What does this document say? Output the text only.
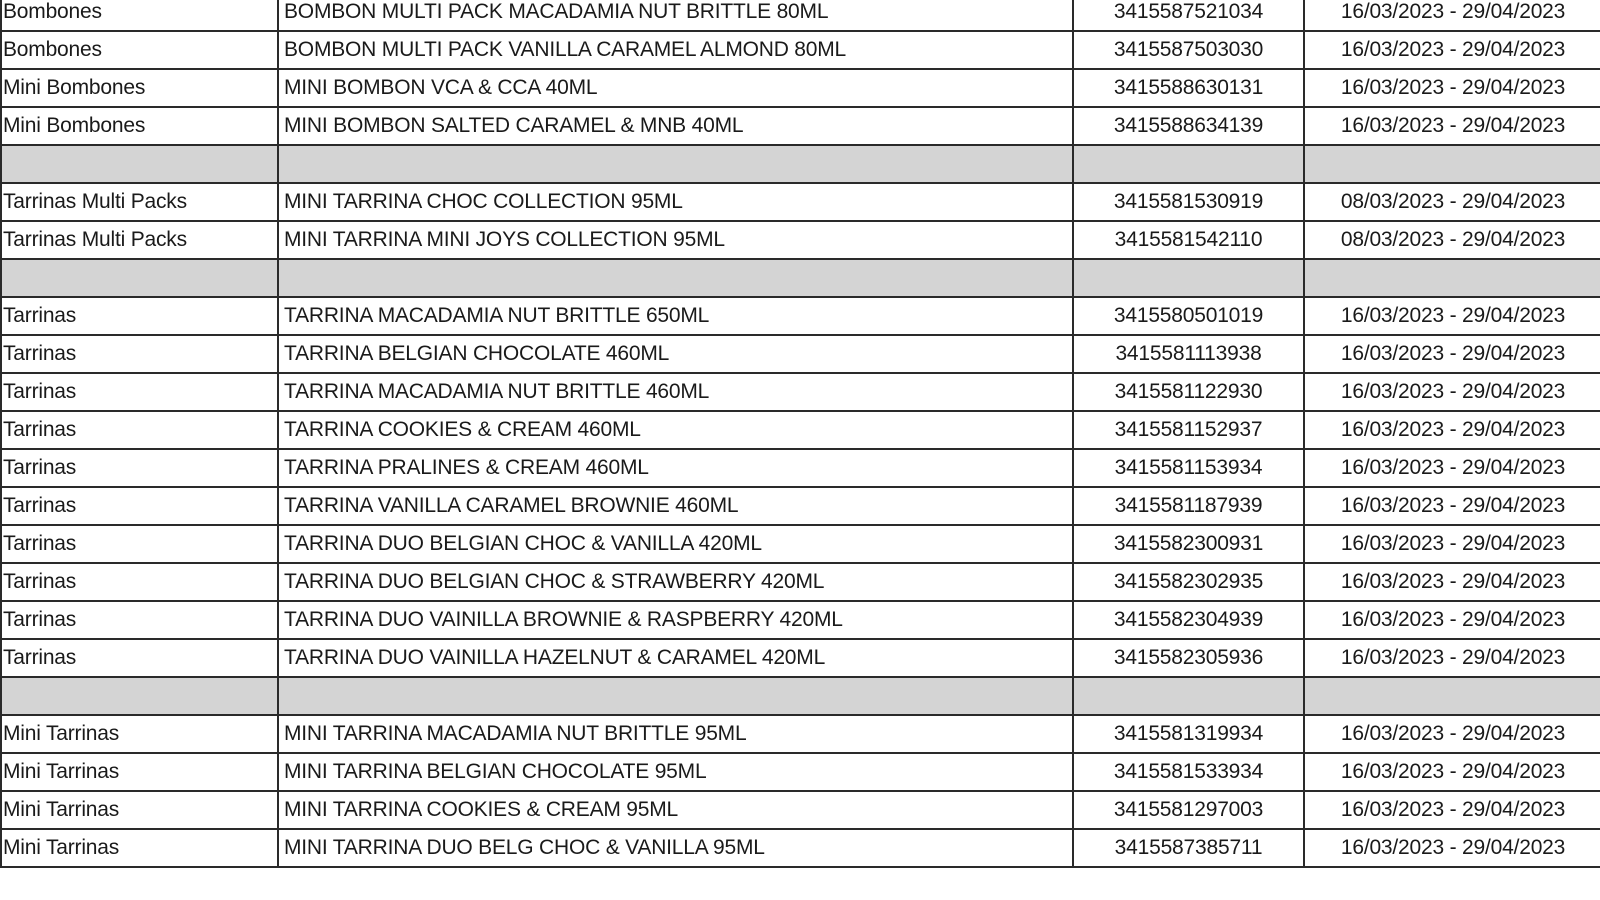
Bombones	BOMBON MULTI PACK MACADAMIA NUT BRITTLE 80ML	3415587521034	16/03/2023 - 29/04/2023
Bombones	BOMBON MULTI PACK VANILLA CARAMEL ALMOND 80ML	3415587503030	16/03/2023 - 29/04/2023
Mini Bombones	MINI BOMBON VCA & CCA 40ML	3415588630131	16/03/2023 - 29/04/2023
Mini Bombones	MINI BOMBON SALTED CARAMEL & MNB 40ML	3415588634139	16/03/2023 - 29/04/2023

Tarrinas Multi Packs	MINI TARRINA CHOC COLLECTION 95ML	3415581530919	08/03/2023 - 29/04/2023
Tarrinas Multi Packs	MINI TARRINA MINI JOYS COLLECTION 95ML	3415581542110	08/03/2023 - 29/04/2023

Tarrinas	TARRINA MACADAMIA NUT BRITTLE 650ML	3415580501019	16/03/2023 - 29/04/2023
Tarrinas	TARRINA BELGIAN CHOCOLATE 460ML	3415581113938	16/03/2023 - 29/04/2023
Tarrinas	TARRINA MACADAMIA NUT BRITTLE 460ML	3415581122930	16/03/2023 - 29/04/2023
Tarrinas	TARRINA COOKIES & CREAM 460ML	3415581152937	16/03/2023 - 29/04/2023
Tarrinas	TARRINA PRALINES & CREAM 460ML	3415581153934	16/03/2023 - 29/04/2023
Tarrinas	TARRINA VANILLA CARAMEL BROWNIE 460ML	3415581187939	16/03/2023 - 29/04/2023
Tarrinas	TARRINA DUO BELGIAN CHOC & VANILLA 420ML	3415582300931	16/03/2023 - 29/04/2023
Tarrinas	TARRINA DUO BELGIAN CHOC & STRAWBERRY 420ML	3415582302935	16/03/2023 - 29/04/2023
Tarrinas	TARRINA DUO VAINILLA BROWNIE & RASPBERRY 420ML	3415582304939	16/03/2023 - 29/04/2023
Tarrinas	TARRINA DUO VAINILLA HAZELNUT & CARAMEL 420ML	3415582305936	16/03/2023 - 29/04/2023

Mini Tarrinas	MINI TARRINA MACADAMIA NUT BRITTLE 95ML	3415581319934	16/03/2023 - 29/04/2023
Mini Tarrinas	MINI TARRINA BELGIAN CHOCOLATE 95ML	3415581533934	16/03/2023 - 29/04/2023
Mini Tarrinas	MINI TARRINA COOKIES & CREAM 95ML	3415581297003	16/03/2023 - 29/04/2023
Mini Tarrinas	MINI TARRINA DUO BELG CHOC & VANILLA 95ML	3415587385711	16/03/2023 - 29/04/2023
